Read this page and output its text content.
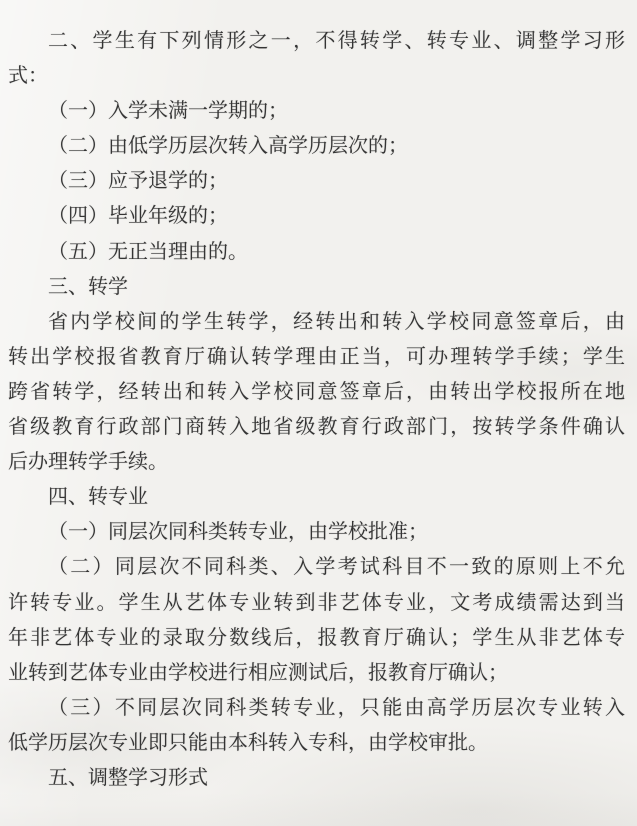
二、学生有下列情形之一，不得转学、转专业、调整学习形
式：
（一）入学未满一学期的；
（二）由低学历层次转入高学历层次的；
（三）应予退学的；
（四）毕业年级的；
（五）无正当理由的。
三、转学
省内学校间的学生转学，经转出和转入学校同意签章后，由
转出学校报省教育厅确认转学理由正当，可办理转学手续；学生
跨省转学，经转出和转入学校同意签章后，由转出学校报所在地
省级教育行政部门商转入地省级教育行政部门，按转学条件确认
后办理转学手续。
四、转专业
（一）同层次同科类转专业，由学校批准；
（二）同层次不同科类、入学考试科目不一致的原则上不允
许转专业。学生从艺体专业转到非艺体专业，文考成绩需达到当
年非艺体专业的录取分数线后，报教育厅确认；学生从非艺体专
业转到艺体专业由学校进行相应测试后，报教育厅确认；
（三）不同层次同科类转专业，只能由高学历层次专业转入
低学历层次专业即只能由本科转入专科，由学校审批。
五、调整学习形式
